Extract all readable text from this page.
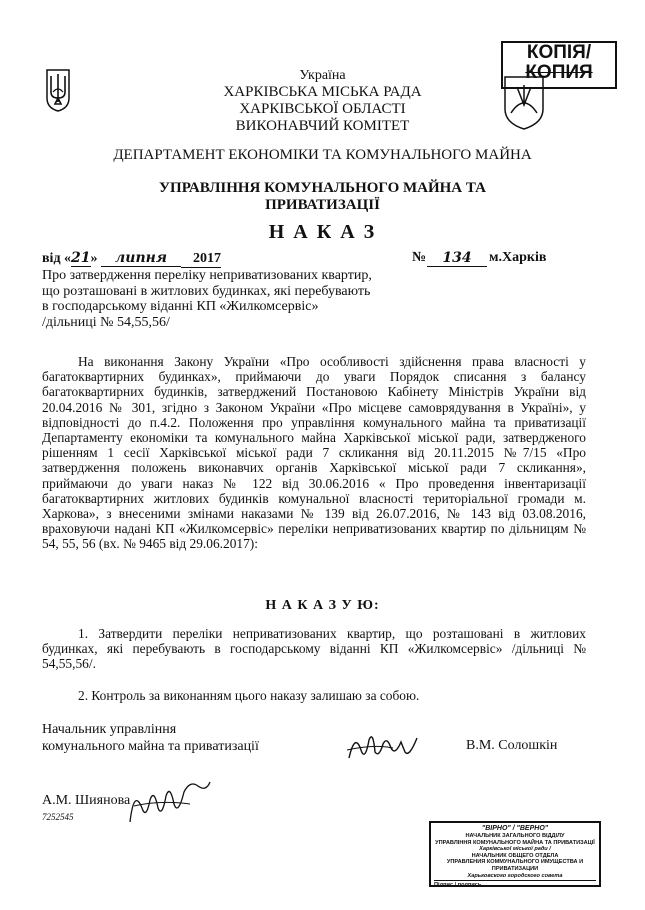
Україна
ХАРКІВСЬКА МІСЬКА РАДА
ХАРКІВСЬКОЇ ОБЛАСТІ
ВИКОНАВЧИЙ КОМІТЕТ
КОПІЯ/
КОПИЯ
ДЕПАРТАМЕНТ ЕКОНОМІКИ ТА КОМУНАЛЬНОГО МАЙНА
УПРАВЛІННЯ КОМУНАЛЬНОГО МАЙНА ТА
ПРИВАТИЗАЦІЇ
Н А К А З
від «21» липня 2017	№	134	м.Харків
Про затвердження переліку неприватизованих квартир,
що розташовані в житлових будинках, які перебувають
в господарському віданні КП «Жилкомсервіс»
/дільниці № 54,55,56/
На виконання Закону України «Про особливості здійснення права власності у багатоквартирних будинках», приймаючи до уваги Порядок списання з балансу багатоквартирних будинків, затверджений Постановою Кабінету Міністрів України від 20.04.2016 № 301, згідно з Законом України «Про місцеве самоврядування в Україні», у відповідності до п.4.2. Положення про управління комунального майна та приватизації Департаменту економіки та комунального майна Харківської міської ради, затвердженого рішенням 1 сесії Харківської міської ради 7 скликання від 20.11.2015 №7/15 «Про затвердження положень виконавчих органів Харківської міської ради 7 скликання», приймаючи до уваги наказ № 122 від 30.06.2016 « Про проведення інвентаризації багатоквартирних житлових будинків комунальної власності територіальної громади м. Харкова», з внесеними змінами наказами № 139 від 26.07.2016, № 143 від 03.08.2016, враховуючи надані КП «Жилкомсервіс» переліки неприватизованих квартир по дільницям № 54, 55, 56 (вх. № 9465 від 29.06.2017):
Н А К А З У Ю:
1. Затвердити переліки неприватизованих квартир, що розташовані в житлових будинках, які перебувають в господарському віданні КП «Жилкомсервіс» /дільниці № 54,55,56/.
2. Контроль за виконанням цього наказу залишаю за собою.
Начальник управління
комунального майна та приватизації	В.М. Солошкін
А.М. Шиянова
7252545
"ВІРНО" / "ВЕРНО"
НАЧАЛЬНИК ЗАГАЛЬНОГО ВІДДІЛУ
УПРАВЛІННЯ КОМУНАЛЬНОГО МАЙНА ТА ПРИВАТИЗАЦІЇ
Харківської міської ради /
НАЧАЛЬНИК ОБЩЕГО ОТДЕЛА
УПРАВЛЕНИЯ КОММУНАЛЬНОГО ИМУЩЕСТВА И ПРИВАТИЗАЦИИ
Харьковского городского совета
Підпис / подпись
